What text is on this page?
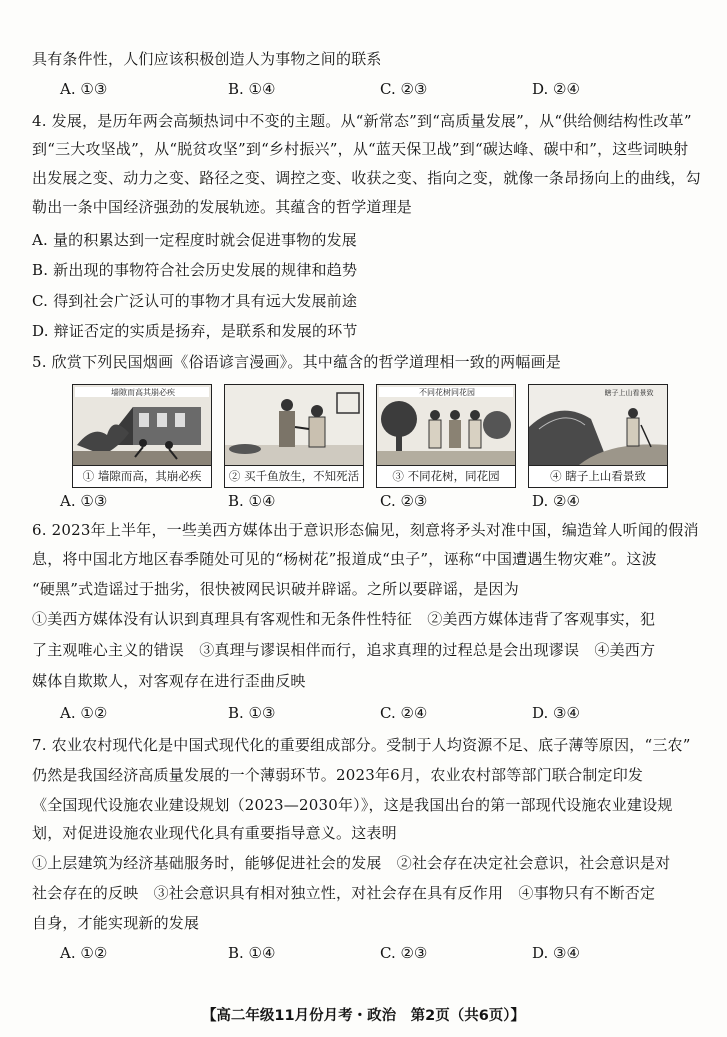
具有条件性，人们应该积极创造人为事物之间的联系
A. ①③	B. ①④	C. ②③	D. ②④
4. 发展，是历年两会高频热词中不变的主题。从“新常态”到“高质量发展”，从“供给侧结构性改革”
到“三大攻坚战”，从“脱贫攻坚”到“乡村振兴”，从“蓝天保卫战”到“碳达峰、碳中和”，这些词映射
出发展之变、动力之变、路径之变、调控之变、收获之变、指向之变，就像一条昂扬向上的曲线，勾
勒出一条中国经济强劲的发展轨迹。其蕴含的哲学道理是
A. 量的积累达到一定程度时就会促进事物的发展
B. 新出现的事物符合社会历史发展的规律和趋势
C. 得到社会广泛认可的事物才具有远大发展前途
D. 辩证否定的实质是扬弃，是联系和发展的环节
5. 欣赏下列民国烟画《俗语谚言漫画》。其中蕴含的哲学道理相一致的两幅画是
墙隙而高其崩必疾
① 墙隙而高，其崩必疾	② 买千鱼放生，不知死活
不同花树同花园
③ 不同花树，同花园
瞎子上山看景致
④ 瞎子上山看景致
A. ①③	B. ①④	C. ②③	D. ②④
6. 2023年上半年，一些美西方媒体出于意识形态偏见，刻意将矛头对准中国，编造耸人听闻的假消
息，将中国北方地区春季随处可见的“杨树花”报道成“虫子”，诬称“中国遭遇生物灾难”。这波
“硬黑”式造谣过于拙劣，很快被网民识破并辟谣。之所以要辟谣，是因为
①美西方媒体没有认识到真理具有客观性和无条件性特征　②美西方媒体违背了客观事实，犯
了主观唯心主义的错误　③真理与谬误相伴而行，追求真理的过程总是会出现谬误　④美西方
媒体自欺欺人，对客观存在进行歪曲反映
A. ①②	B. ①③	C. ②④	D. ③④
7. 农业农村现代化是中国式现代化的重要组成部分。受制于人均资源不足、底子薄等原因，“三农”
仍然是我国经济高质量发展的一个薄弱环节。2023年6月，农业农村部等部门联合制定印发
《全国现代设施农业建设规划（2023—2030年）》，这是我国出台的第一部现代设施农业建设规
划，对促进设施农业现代化具有重要指导意义。这表明
①上层建筑为经济基础服务时，能够促进社会的发展　②社会存在决定社会意识，社会意识是对
社会存在的反映　③社会意识具有相对独立性，对社会存在具有反作用　④事物只有不断否定
自身，才能实现新的发展
A. ①②	B. ①④	C. ②③	D. ③④
【高二年级11月份月考・政治　第2页（共6页）】
